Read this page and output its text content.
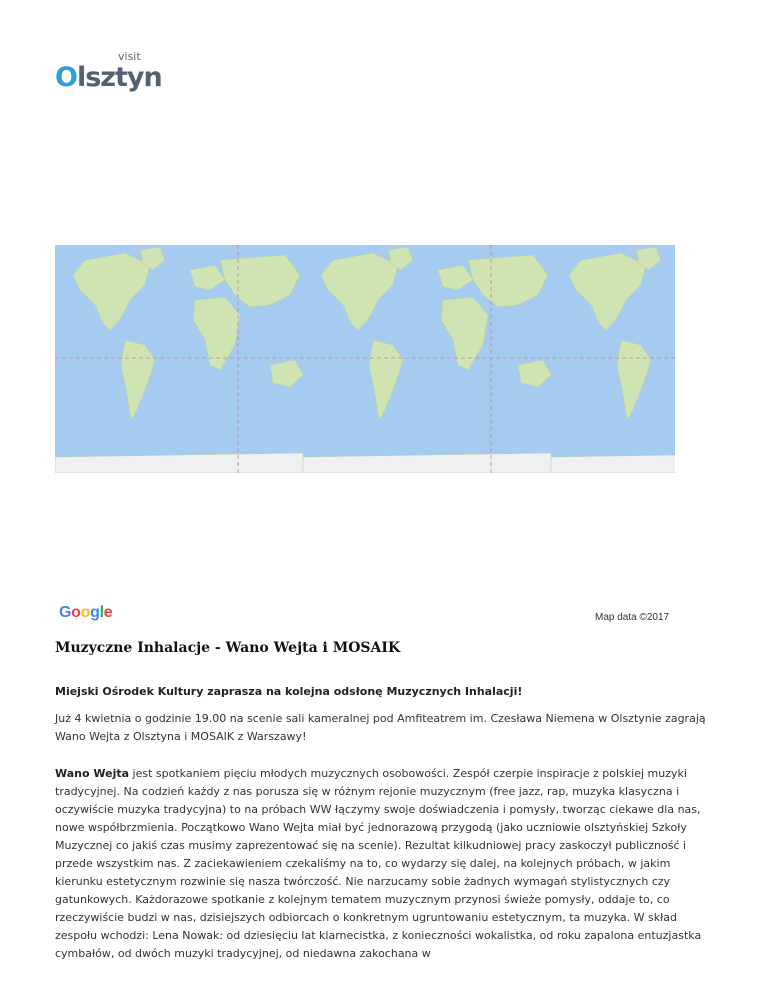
visit
Olsztyn
Google	Map data ©2017
Muzyczne Inhalacje - Wano Wejta i MOSAIK

Miejski Ośrodek Kultury zaprasza na kolejna odsłonę Muzycznych Inhalacji!

Już 4 kwietnia o godzinie 19.00 na scenie sali kameralnej pod Amfiteatrem im. Czesława Niemena w Olsztynie zagrają Wano Wejta z Olsztyna i MOSAIK z Warszawy!

Wano Wejta jest spotkaniem pięciu młodych muzycznych osobowości. Zespół czerpie inspiracje z polskiej muzyki tradycyjnej. Na codzień każdy z nas porusza się w różnym rejonie muzycznym (free jazz, rap, muzyka klasyczna i oczywiście muzyka tradycyjna) to na próbach WW łączymy swoje doświadczenia i pomysły, tworząc ciekawe dla nas, nowe współbrzmienia. Początkowo Wano Wejta miał być jednorazową przygodą (jako uczniowie olsztyńskiej Szkoły Muzycznej co jakiś czas musimy zaprezentować się na scenie). Rezultat kilkudniowej pracy zaskoczył publiczność i przede wszystkim nas. Z zaciekawieniem czekaliśmy na to, co wydarzy się dalej, na kolejnych próbach, w jakim kierunku estetycznym rozwinie się nasza twórczość. Nie narzucamy sobie żadnych wymagań stylistycznych czy gatunkowych. Każdorazowe spotkanie z kolejnym tematem muzycznym przynosi świeże pomysły, oddaje to, co rzeczywiście budzi w nas, dzisiejszych odbiorcach o konkretnym ugruntowaniu estetycznym, ta muzyka. W skład zespołu wchodzi: Lena Nowak: od dziesięciu lat klarnecistka, z konieczności wokalistka, od roku zapalona entuzjastka cymbałów, od dwóch muzyki tradycyjnej, od niedawna zakochana w
